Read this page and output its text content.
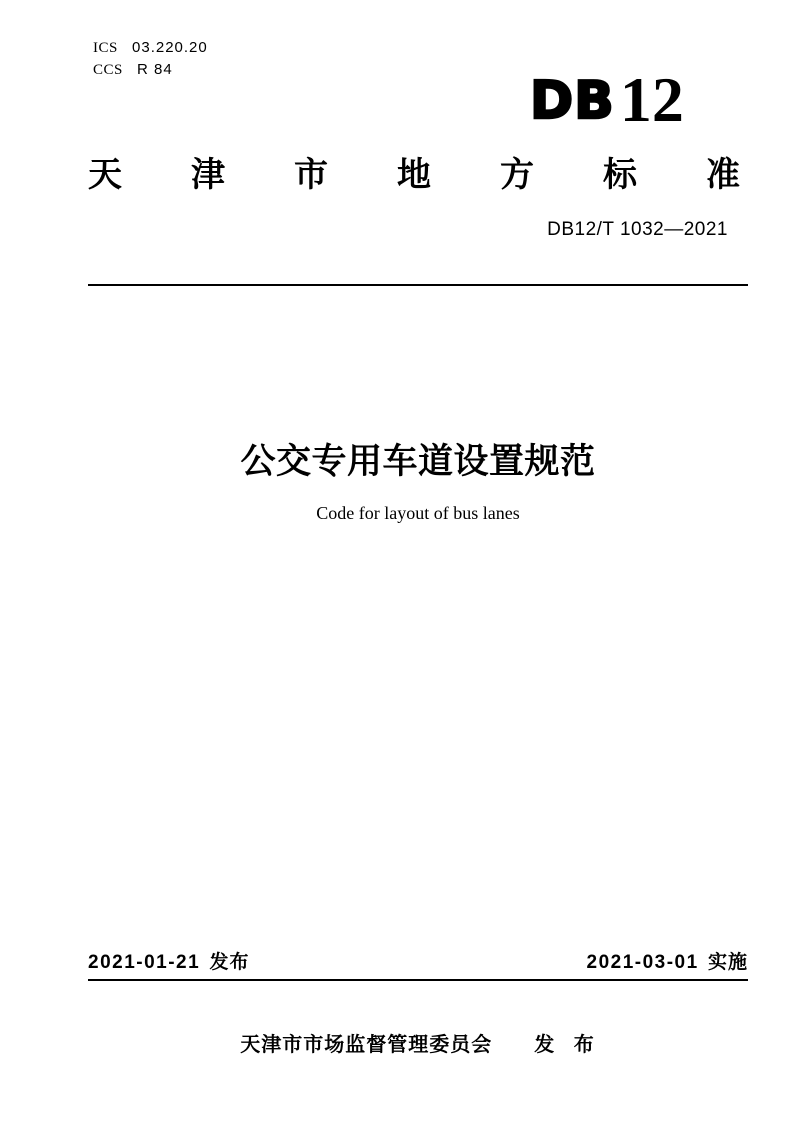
ICS 03.220.20
CCS R 84
DB 12
天 津 市 地 方 标 准
DB12/T 1032—2021
公交专用车道设置规范
Code for layout of bus lanes
2021-01-21 发布	2021-03-01 实施
天津市市场监督管理委员会 发 布
